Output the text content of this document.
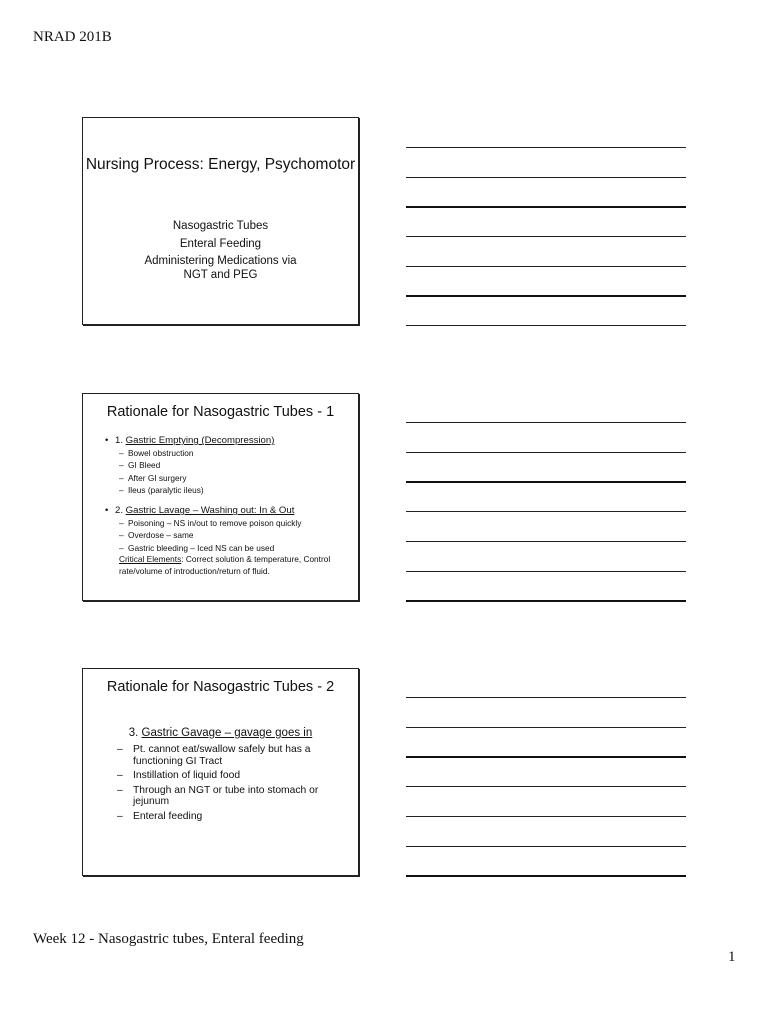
NRAD 201B
Nursing Process: Energy, Psychomotor
Nasogastric Tubes
Enteral Feeding
Administering Medications via NGT and PEG
Rationale for Nasogastric Tubes - 1
• 1. Gastric Emptying (Decompression)
– Bowel obstruction
– GI Bleed
– After GI surgery
– Ileus (paralytic ileus)
• 2. Gastric Lavage – Washing out: In & Out
– Poisoning – NS in/out to remove poison quickly
– Overdose – same
– Gastric bleeding – Iced NS can be used
Critical Elements: Correct solution & temperature, Control rate/volume of introduction/return of fluid.
Rationale for Nasogastric Tubes - 2
3. Gastric Gavage – gavage goes in
– Pt. cannot eat/swallow safely but has a functioning GI Tract
– Instillation of liquid food
– Through an NGT or tube into stomach or jejunum
– Enteral feeding
Week 12 - Nasogastric tubes, Enteral feeding
1
